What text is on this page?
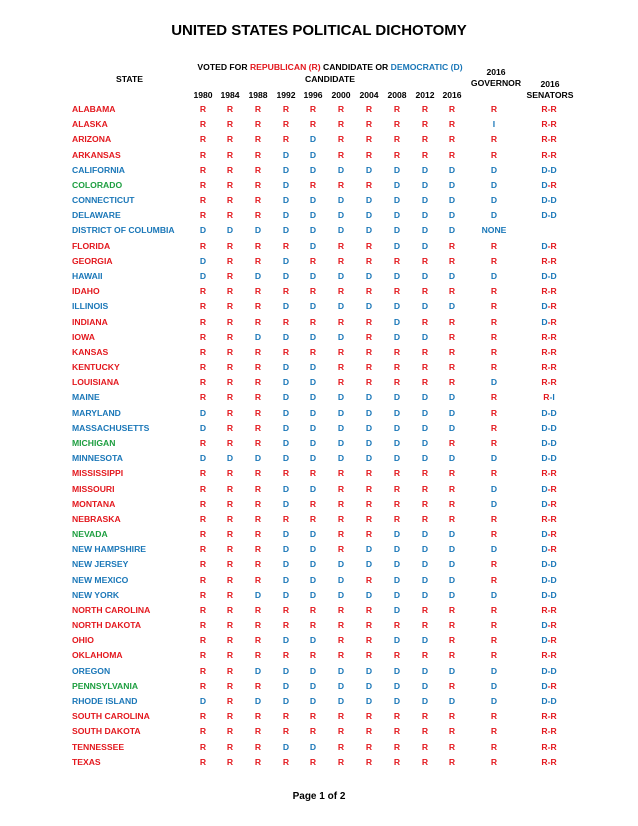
UNITED STATES POLITICAL DICHOTOMY
VOTED FOR REPUBLICAN (R) CANDIDATE OR DEMOCRATIC (D)
CANDIDATE
STATE
2016 GOVERNOR	2016 SENATORS
1980 1984	1988	1992 1996	2000	2004	2008	2012 2016
ALABAMA	R	R	R	R	R	R	R	R	R	R	R	R-R
ALASKA	R	R	R	R	R	R	R	R	R	R	I	R-R
ARIZONA	R	R	R	R	D	R	R	R	R	R	R	R-R
ARKANSAS	R	R	R	D	D	R	R	R	R	R	R	R-R
CALIFORNIA	R	R	R	D	D	D	D	D	D	D	D	D-D
COLORADO	R	R	R	D	R	R	R	D	D	D	D	D-R
CONNECTICUT	R	R	R	D	D	D	D	D	D	D	D	D-D
DELAWARE	R	R	R	D	D	D	D	D	D	D	D	D-D
DISTRICT OF COLUMBIA	D	D	D	D	D	D	D	D	D	D	NONE
FLORIDA	R	R	R	R	D	R	R	D	D	R	R	D-R
GEORGIA	D	R	R	D	R	R	R	R	R	R	R	R-R
HAWAII	D	R	D	D	D	D	D	D	D	D	D	D-D
IDAHO	R	R	R	R	R	R	R	R	R	R	R	R-R
ILLINOIS	R	R	R	D	D	D	D	D	D	D	R	D-R
INDIANA	R	R	R	R	R	R	R	D	R	R	R	D-R
IOWA	R	R	D	D	D	D	R	D	D	R	R	R-R
KANSAS	R	R	R	R	R	R	R	R	R	R	R	R-R
KENTUCKY	R	R	R	D	D	R	R	R	R	R	R	R-R
LOUISIANA	R	R	R	D	D	R	R	R	R	R	D	R-R
MAINE	R	R	R	D	D	D	D	D	D	D	R	R-I
MARYLAND	D	R	R	D	D	D	D	D	D	D	R	D-D
MASSACHUSETTS	D	R	R	D	D	D	D	D	D	D	R	D-D
MICHIGAN	R	R	R	D	D	D	D	D	D	R	R	D-D
MINNESOTA	D	D	D	D	D	D	D	D	D	D	D	D-D
MISSISSIPPI	R	R	R	R	R	R	R	R	R	R	R	R-R
MISSOURI	R	R	R	D	D	R	R	R	R	R	D	D-R
MONTANA	R	R	R	D	R	R	R	R	R	R	D	D-R
NEBRASKA	R	R	R	R	R	R	R	R	R	R	R	R-R
NEVADA	R	R	R	D	D	R	R	D	D	D	R	D-R
NEW HAMPSHIRE	R	R	R	D	D	R	D	D	D	D	D	D-R
NEW JERSEY	R	R	R	D	D	D	D	D	D	D	R	D-D
NEW MEXICO	R	R	R	D	D	D	R	D	D	D	R	D-D
NEW YORK	R	R	D	D	D	D	D	D	D	D	D	D-D
NORTH CAROLINA	R	R	R	R	R	R	R	D	R	R	R	R-R
NORTH DAKOTA	R	R	R	R	R	R	R	R	R	R	R	D-R
OHIO	R	R	R	D	D	R	R	D	D	R	R	D-R
OKLAHOMA	R	R	R	R	R	R	R	R	R	R	R	R-R
OREGON	R	R	D	D	D	D	D	D	D	D	D	D-D
PENNSYLVANIA	R	R	R	D	D	D	D	D	D	R	D	D-R
RHODE ISLAND	D	R	D	D	D	D	D	D	D	D	D	D-D
SOUTH CAROLINA	R	R	R	R	R	R	R	R	R	R	R	R-R
SOUTH DAKOTA	R	R	R	R	R	R	R	R	R	R	R	R-R
TENNESSEE	R	R	R	D	D	R	R	R	R	R	R	R-R
TEXAS	R	R	R	R	R	R	R	R	R	R	R	R-R
Page 1 of 2
